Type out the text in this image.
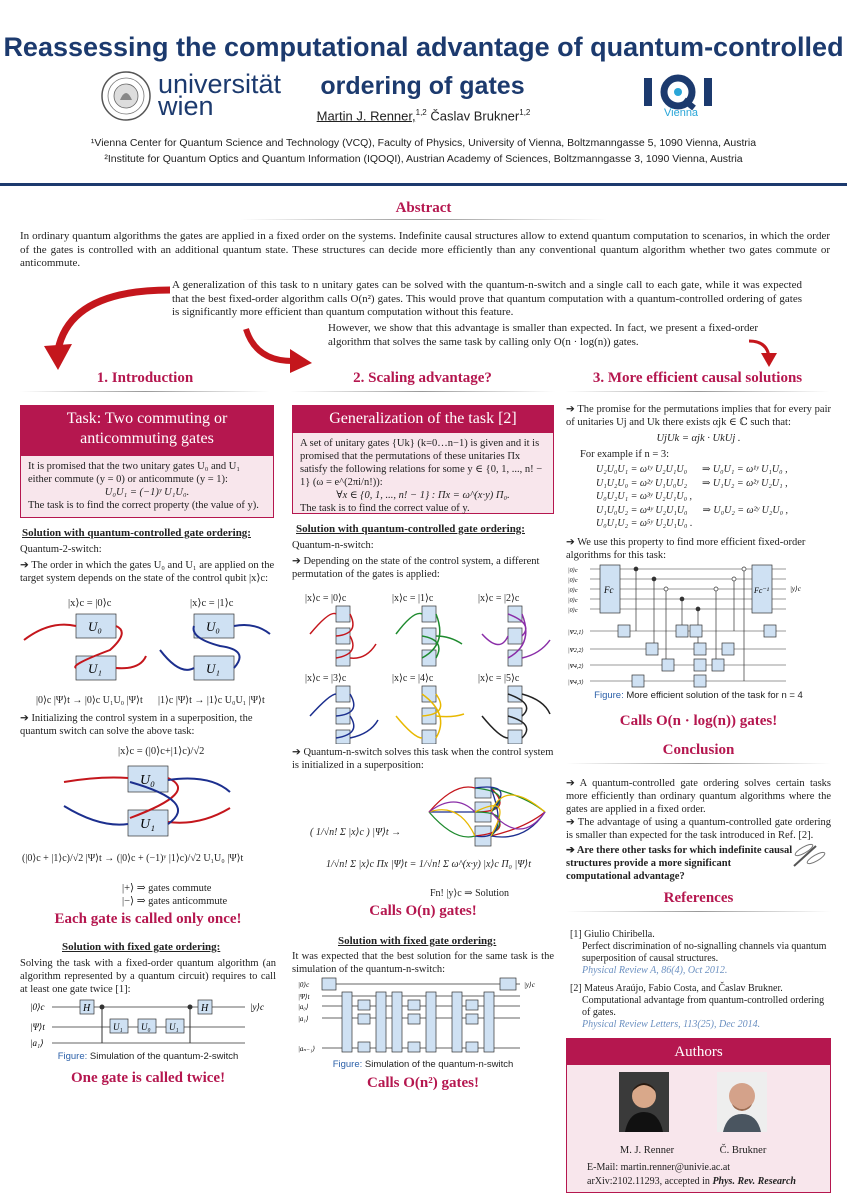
Reassessing the computational advantage of quantum-controlled
universität
wien
ordering of gates
Vienna
Martin J. Renner,$^{1,2}$ Časlav Brukner$^{1,2}$
¹Vienna Center for Quantum Science and Technology (VCQ), Faculty of Physics, University of Vienna, Boltzmanngasse 5, 1090 Vienna, Austria
²Institute for Quantum Optics and Quantum Information (IQOQI), Austrian Academy of Sciences, Boltzmanngasse 3, 1090 Vienna, Austria
Abstract
In ordinary quantum algorithms the gates are applied in a fixed order on the systems. Indefinite causal structures allow to extend quantum computation to scenarios, in which the order of the gates is controlled with an additional quantum state. These structures can decide more efficiently than any conventional quantum algorithm whether two gates commute or anticommute.
A generalization of this task to n unitary gates can be solved with the quantum-n-switch and a single call to each gate, while it was expected that the best fixed-order algorithm calls O(n²) gates. This would prove that quantum computation with a quantum-controlled ordering of gates is significantly more efficient than quantum computation without this feature.
However, we show that this advantage is smaller than expected. In fact, we present a fixed-order algorithm that solves the same task by calling only O(n · log(n)) gates.
1. Introduction	2. Scaling advantage?	3. More efficient causal solutions
Task: Two commuting or anticommuting gates
It is promised that the two unitary gates U₀ and U₁ either commute (y = 0) or anticommute (y = 1):
U₀U₁ = (−1)ʸ U₁U₀.
The task is to find the correct property (the value of y).
Solution with quantum-controlled gate ordering:
Quantum-2-switch:
➔ The order in which the gates U₀ and U₁ are applied on the target system depends on the state of the control qubit |x⟩c:
|x⟩c = |0⟩c	|x⟩c = |1⟩c
U₀
U₁
U₀
U₁
|0⟩c |Ψ⟩t → |0⟩c U₁U₀ |Ψ⟩t |1⟩c |Ψ⟩t → |1⟩c U₀U₁ |Ψ⟩t
➔ Initializing the control system in a superposition, the quantum switch can solve the above task:
|x⟩c = (|0⟩c+|1⟩c)/√2
U₀
U₁
(|0⟩c + |1⟩c)/√2 |Ψ⟩t → (|0⟩c + (−1)ʸ |1⟩c)/√2 U₁U₀ |Ψ⟩t
|+⟩ ⇒ gates commute
|−⟩ ⇒ gates anticommute
Each gate is called only once!
Solution with fixed gate ordering:
Solving the task with a fixed-order quantum algorithm (an algorithm represented by a quantum circuit) requires to call at least one gate twice [1]:
H	H
U₁ U₀ U₁
|0⟩c
|Ψ⟩t
|a₁⟩
|y⟩c
Figure: Simulation of the quantum-2-switch
One gate is called twice!
Generalization of the task [2]
A set of unitary gates {Uk} (k=0…n−1) is given and it is promised that the permutations of these unitaries Πx satisfy the following relations for some y ∈ {0, 1, ..., n! − 1} (ω = e^(2πi/n!)):
∀x ∈ {0, 1, ..., n! − 1} : Πx = ω^(x·y) Π₀.
The task is to find the correct value of y.
Solution with quantum-controlled gate ordering:
Quantum-n-switch:
➔ Depending on the state of the control system, a different permutation of the gates is applied:
|x⟩c = |0⟩c	|x⟩c = |1⟩c	|x⟩c = |2⟩c
|x⟩c = |3⟩c	|x⟩c = |4⟩c	|x⟩c = |5⟩c
➔ Quantum-n-switch solves this task when the control system is initialized in a superposition:
( 1/√n! Σ |x⟩c ) |Ψ⟩t →
1/√n! Σ |x⟩c Πx |Ψ⟩t = 1/√n! Σ ω^(x·y) |x⟩c Π₀ |Ψ⟩t
Fn! |y⟩c ⇒ Solution
Calls O(n) gates!
Solution with fixed gate ordering:
It was expected that the best solution for the same task is the simulation of the quantum-n-switch:
|0⟩c
|Ψ⟩t
|a₀⟩
|a₁⟩
|aₙ₋₁⟩
|y⟩c
Figure: Simulation of the quantum-n-switch
Calls O(n²) gates!
➔ The promise for the permutations implies that for every pair of unitaries Uj and Uk there exists αjk ∈ ℂ such that:
UjUk = αjk · UkUj .
For example if n = 3:
U₂U₀U₁ = ω¹ʸ U₂U₁U₀      ⇒ U₀U₁ = ω¹ʸ U₁U₀ ,
U₁U₂U₀ = ω²ʸ U₁U₀U₂      ⇒ U₁U₂ = ω²ʸ U₂U₁ ,
U₀U₂U₁ = ω³ʸ U₂U₁U₀ ,
U₁U₀U₂ = ω⁴ʸ U₂U₁U₀      ⇒ U₀U₂ = ω²ʸ U₂U₀ ,
U₀U₁U₂ = ω⁵ʸ U₂U₁U₀ .
➔ We use this property to find more efficient fixed-order algorithms for this task:
Fc	Fc⁻¹
|0⟩c
|0⟩c
|0⟩c
|0⟩c
|0⟩c
|Ψ2,1⟩
|Ψ2,2⟩
|Ψ4,2⟩
|Ψ4,3⟩
|y⟩c
Figure: More efficient solution of the task for n = 4
Calls O(n · log(n)) gates!
Conclusion
➔ A quantum-controlled gate ordering solves certain tasks more efficiently than ordinary quantum algorithms where the gates are applied in a fixed order.
➔ The advantage of using a quantum-controlled gate ordering is smaller than expected for the task introduced in Ref. [2].
➔ Are there other tasks for which indefinite causal structures provide a more significant computational advantage?
References
[1] Giulio Chiribella.
Perfect discrimination of no-signalling channels via quantum superposition of causal structures.
Physical Review A, 86(4), Oct 2012.
[2] Mateus Araújo, Fabio Costa, and Časlav Brukner.
Computational advantage from quantum-controlled ordering of gates.
Physical Review Letters, 113(25), Dec 2014.
Authors
M. J. Renner	Č. Brukner
E-Mail: martin.renner@univie.ac.at
arXiv:2102.11293, accepted in Phys. Rev. Research
